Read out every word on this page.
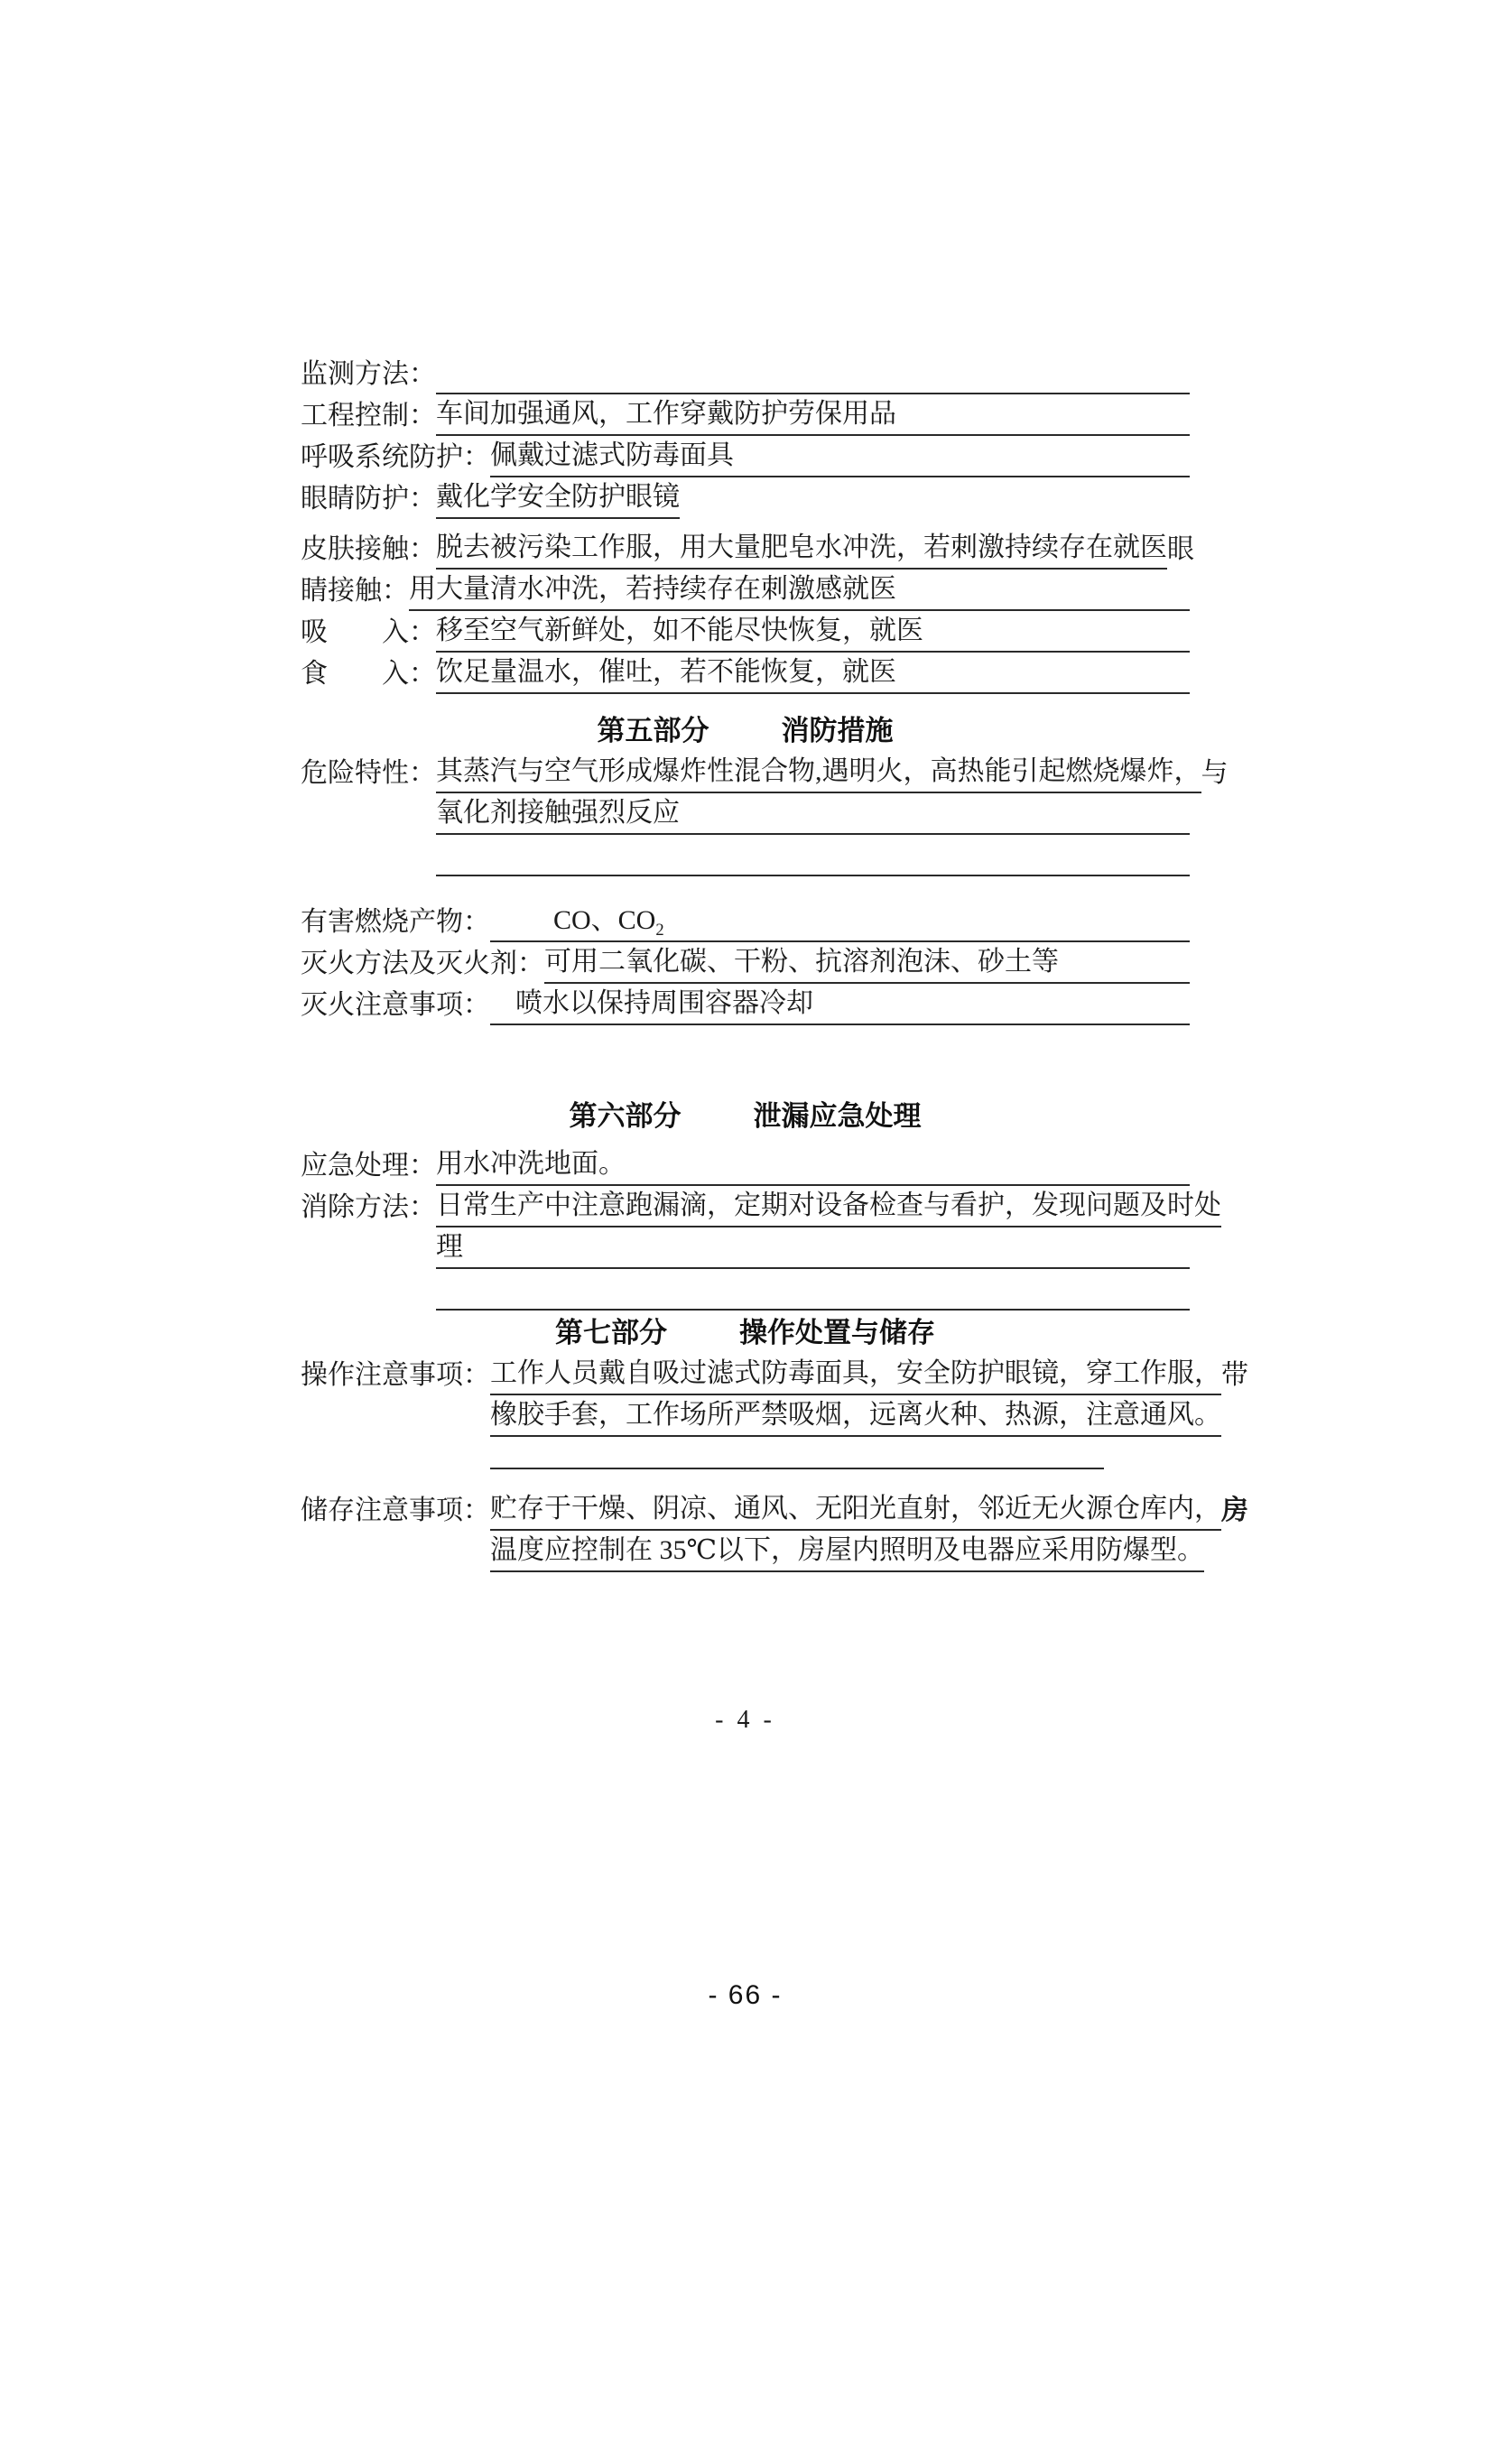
监测方法：
工程控制： 车间加强通风，工作穿戴防护劳保用品
呼吸系统防护： 佩戴过滤式防毒面具
眼睛防护： 戴化学安全防护眼镜
皮肤接触： 脱去被污染工作服，用大量肥皂水冲洗，若刺激持续存在就医 眼
睛接触： 用大量清水冲洗，若持续存在刺激感就医
吸　　入： 移至空气新鲜处，如不能尽快恢复，就医
食　　入： 饮足量温水，催吐，若不能恢复，就医
第五部分	消防措施
危险特性： 其蒸汽与空气形成爆炸性混合物,遇明火，高热能引起燃烧爆炸， 与
氧化剂接触强烈反应
有害燃烧产物：	CO、$CO_2$
灭火方法及灭火剂： 可用二氧化碳、干粉、抗溶剂泡沫、砂土等
灭火注意事项： 喷水以保持周围容器冷却
第六部分	泄漏应急处理
应急处理： 用水冲洗地面。
消除方法： 日常生产中注意跑漏滴，定期对设备检查与看护，发现问题及时处
理
第七部分	操作处置与储存
操作注意事项： 工作人员戴自吸过滤式防毒面具，安全防护眼镜，穿工作服， 带
橡胶手套，工作场所严禁吸烟，远离火种、热源，注意通风。
储存注意事项： 贮存于干燥、阴凉、通风、无阳光直射，邻近无火源仓库内， 房
温度应控制在 35℃以下，房屋内照明及电器应采用防爆型。
- 4 -
- 66 -
